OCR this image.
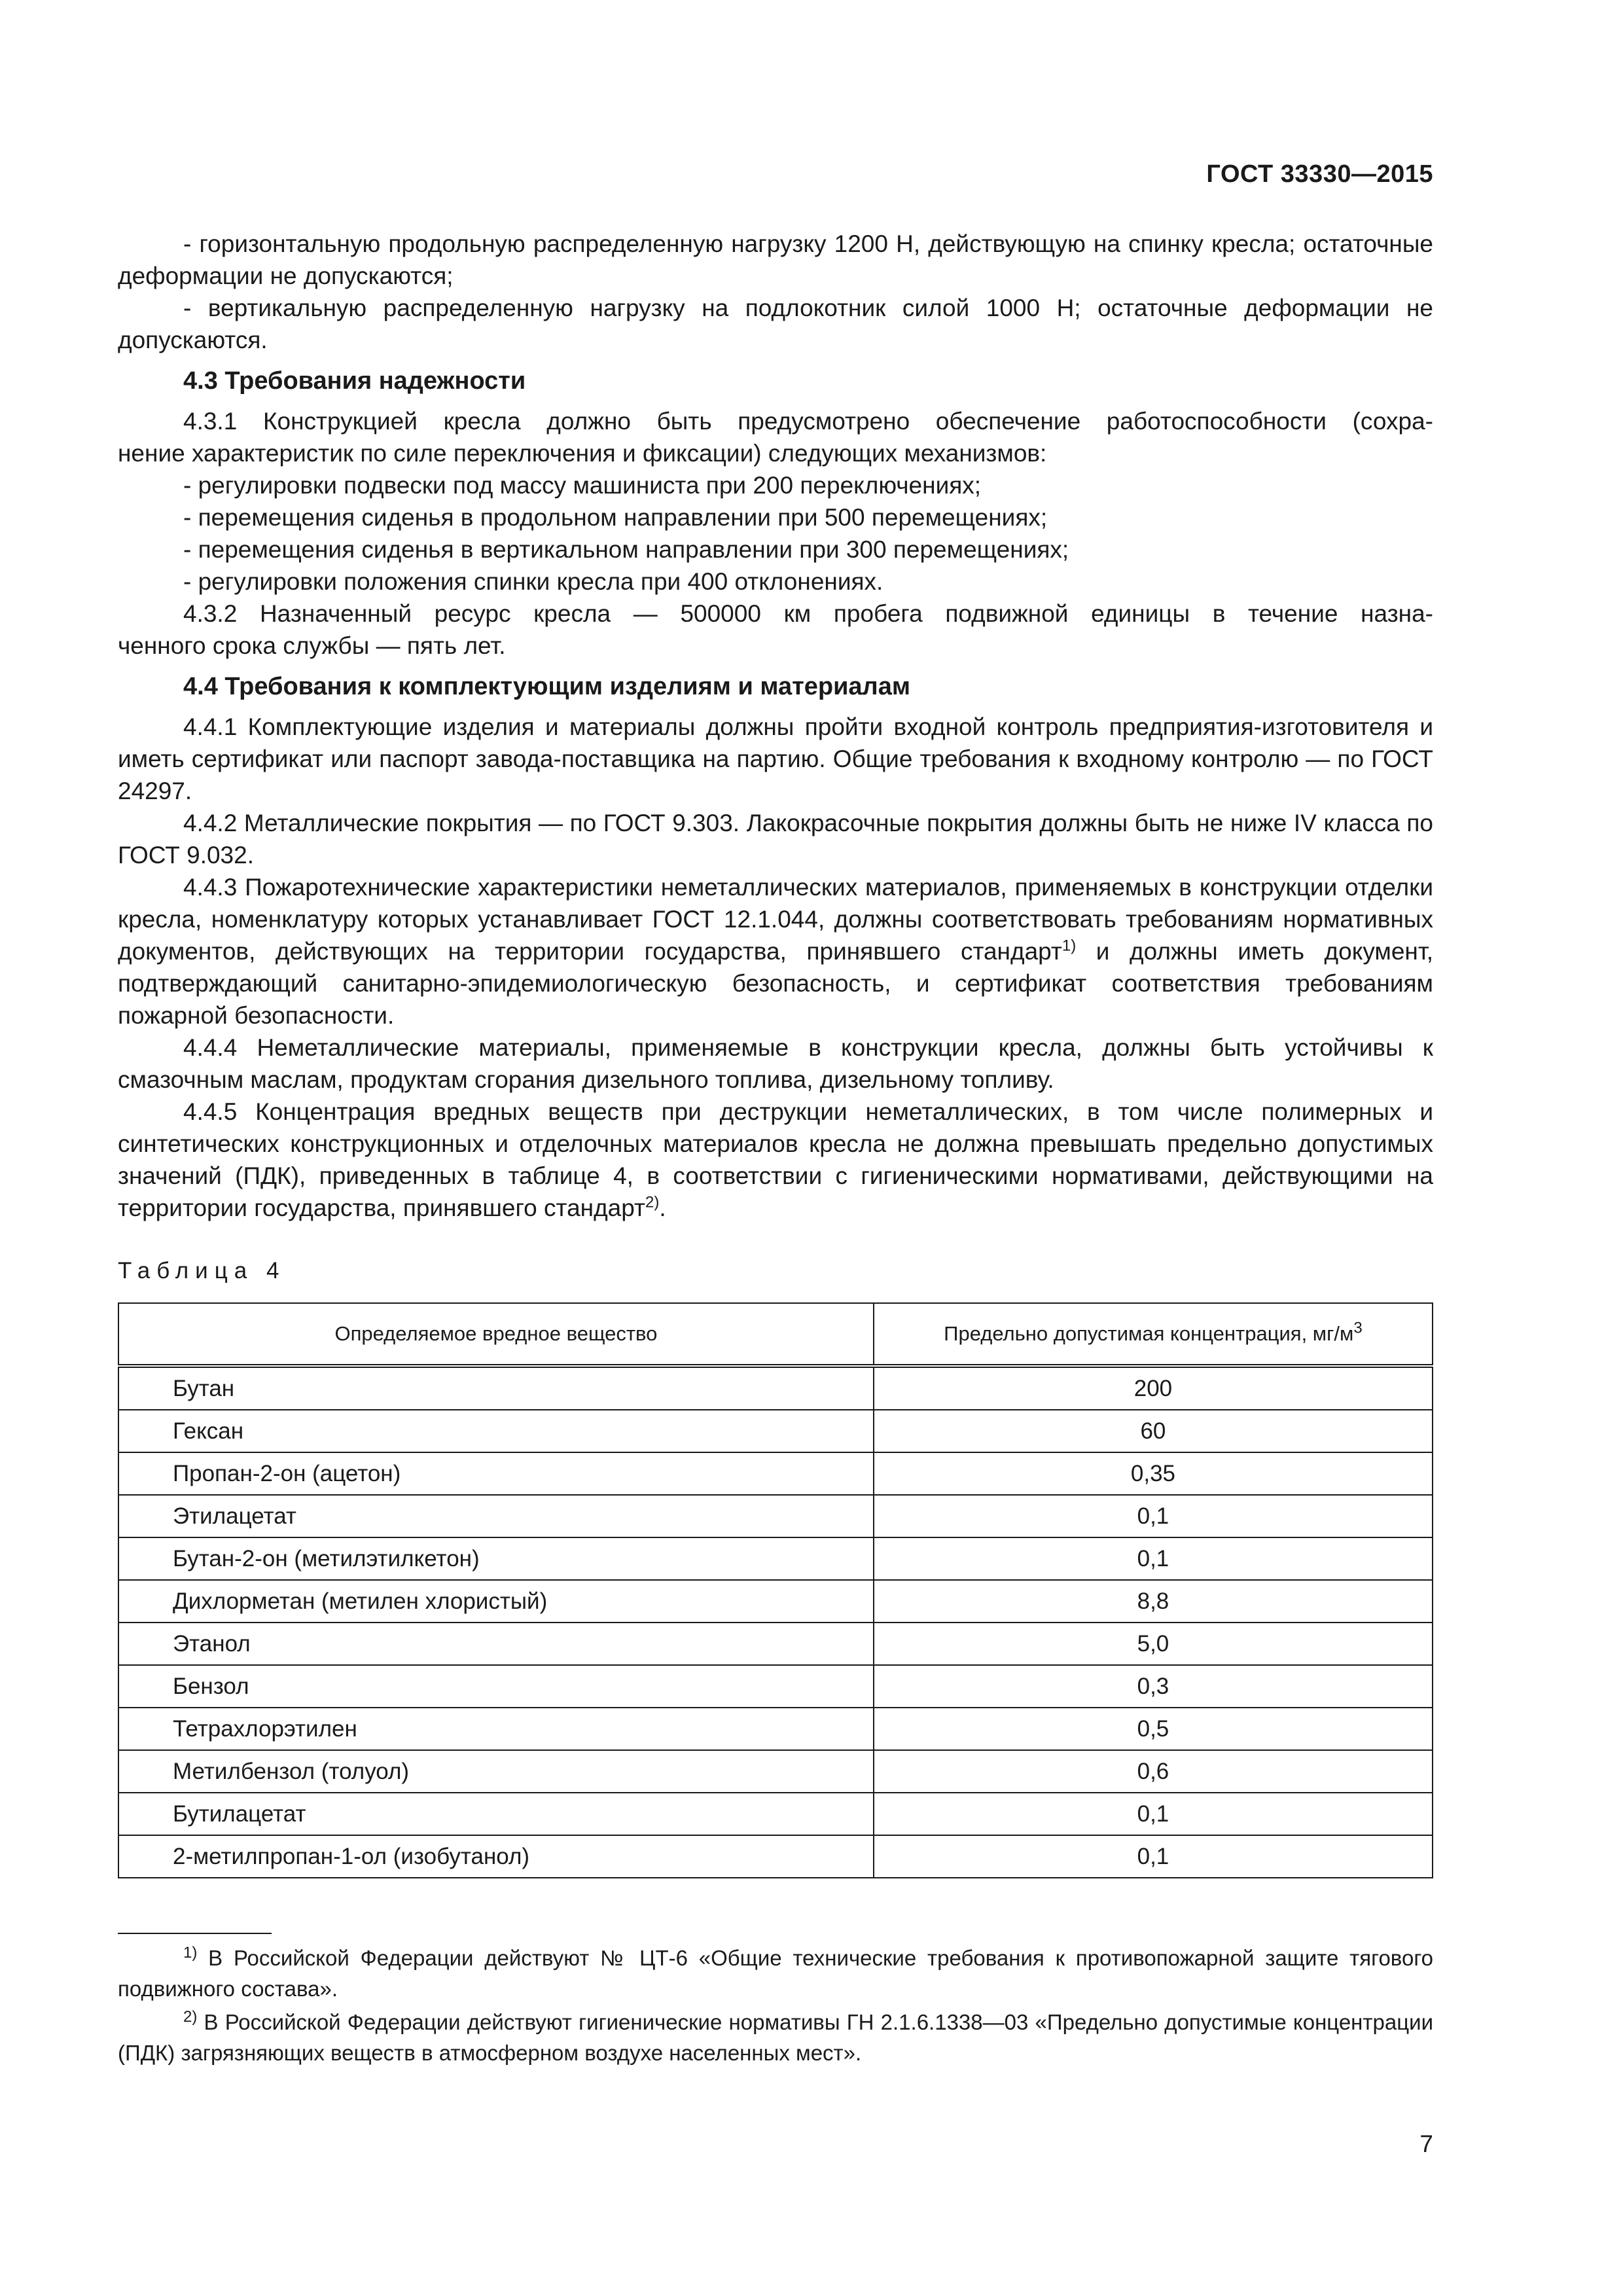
ГОСТ 33330—2015

- горизонтальную продольную распределенную нагрузку 1200 Н, действующую на спинку кресла; остаточные деформации не допускаются;

- вертикальную распределенную нагрузку на подлокотник силой 1000 Н; остаточные деформации не допускаются.

4.3 Требования надежности

4.3.1 Конструкцией кресла должно быть предусмотрено обеспечение работоспособности (сохра-
нение характеристик по силе переключения и фиксации) следующих механизмов:

- регулировки подвески под массу машиниста при 200 переключениях;

- перемещения сиденья в продольном направлении при 500 перемещениях;

- перемещения сиденья в вертикальном направлении при 300 перемещениях;

- регулировки положения спинки кресла при 400 отклонениях.

4.3.2 Назначенный ресурс кресла — 500000 км пробега подвижной единицы в течение назна-
ченного срока службы — пять лет.

4.4 Требования к комплектующим изделиям и материалам

4.4.1 Комплектующие изделия и материалы должны пройти входной контроль предприятия-изготовителя и иметь сертификат или паспорт завода-поставщика на партию. Общие требования к входному контролю — по ГОСТ 24297.

4.4.2 Металлические покрытия — по ГОСТ 9.303. Лакокрасочные покрытия должны быть не ниже IV класса по ГОСТ 9.032.

4.4.3 Пожаротехнические характеристики неметаллических материалов, применяемых в конструкции отделки кресла, номенклатуру которых устанавливает ГОСТ 12.1.044, должны соответствовать требованиям нормативных документов, действующих на территории государства, принявшего стандарт$^{1)}$ и должны иметь документ, подтверждающий санитарно-эпидемиологическую безопасность, и сертификат соответствия требованиям пожарной безопасности.

4.4.4 Неметаллические материалы, применяемые в конструкции кресла, должны быть устойчивы к смазочным маслам, продуктам сгорания дизельного топлива, дизельному топливу.

4.4.5 Концентрация вредных веществ при деструкции неметаллических, в том числе полимерных и синтетических конструкционных и отделочных материалов кресла не должна превышать предельно допустимых значений (ПДК), приведенных в таблице 4, в соответствии с гигиеническими нормативами, действующими на территории государства, принявшего стандарт$^{2)}$.

Таблица 4
Определяемое вредное вещество	Предельно допустимая концентрация, $мг/м^3$
Бутан	200
Гексан	60
Пропан-2-он (ацетон)	0,35
Этилацетат	0,1
Бутан-2-он (метилэтилкетон)	0,1
Дихлорметан (метилен хлористый)	8,8
Этанол	5,0
Бензол	0,3
Тетрахлорэтилен	0,5
Метилбензол (толуол)	0,6
Бутилацетат	0,1
2-метилпропан-1-ол (изобутанол)	0,1

$^{1)}$ В Российской Федерации действуют № ЦТ-6 «Общие технические требования к противопожарной защите тягового подвижного состава».

$^{2)}$ В Российской Федерации действуют гигиенические нормативы ГН 2.1.6.1338—03 «Предельно допустимые концентрации (ПДК) загрязняющих веществ в атмосферном воздухе населенных мест».

7
